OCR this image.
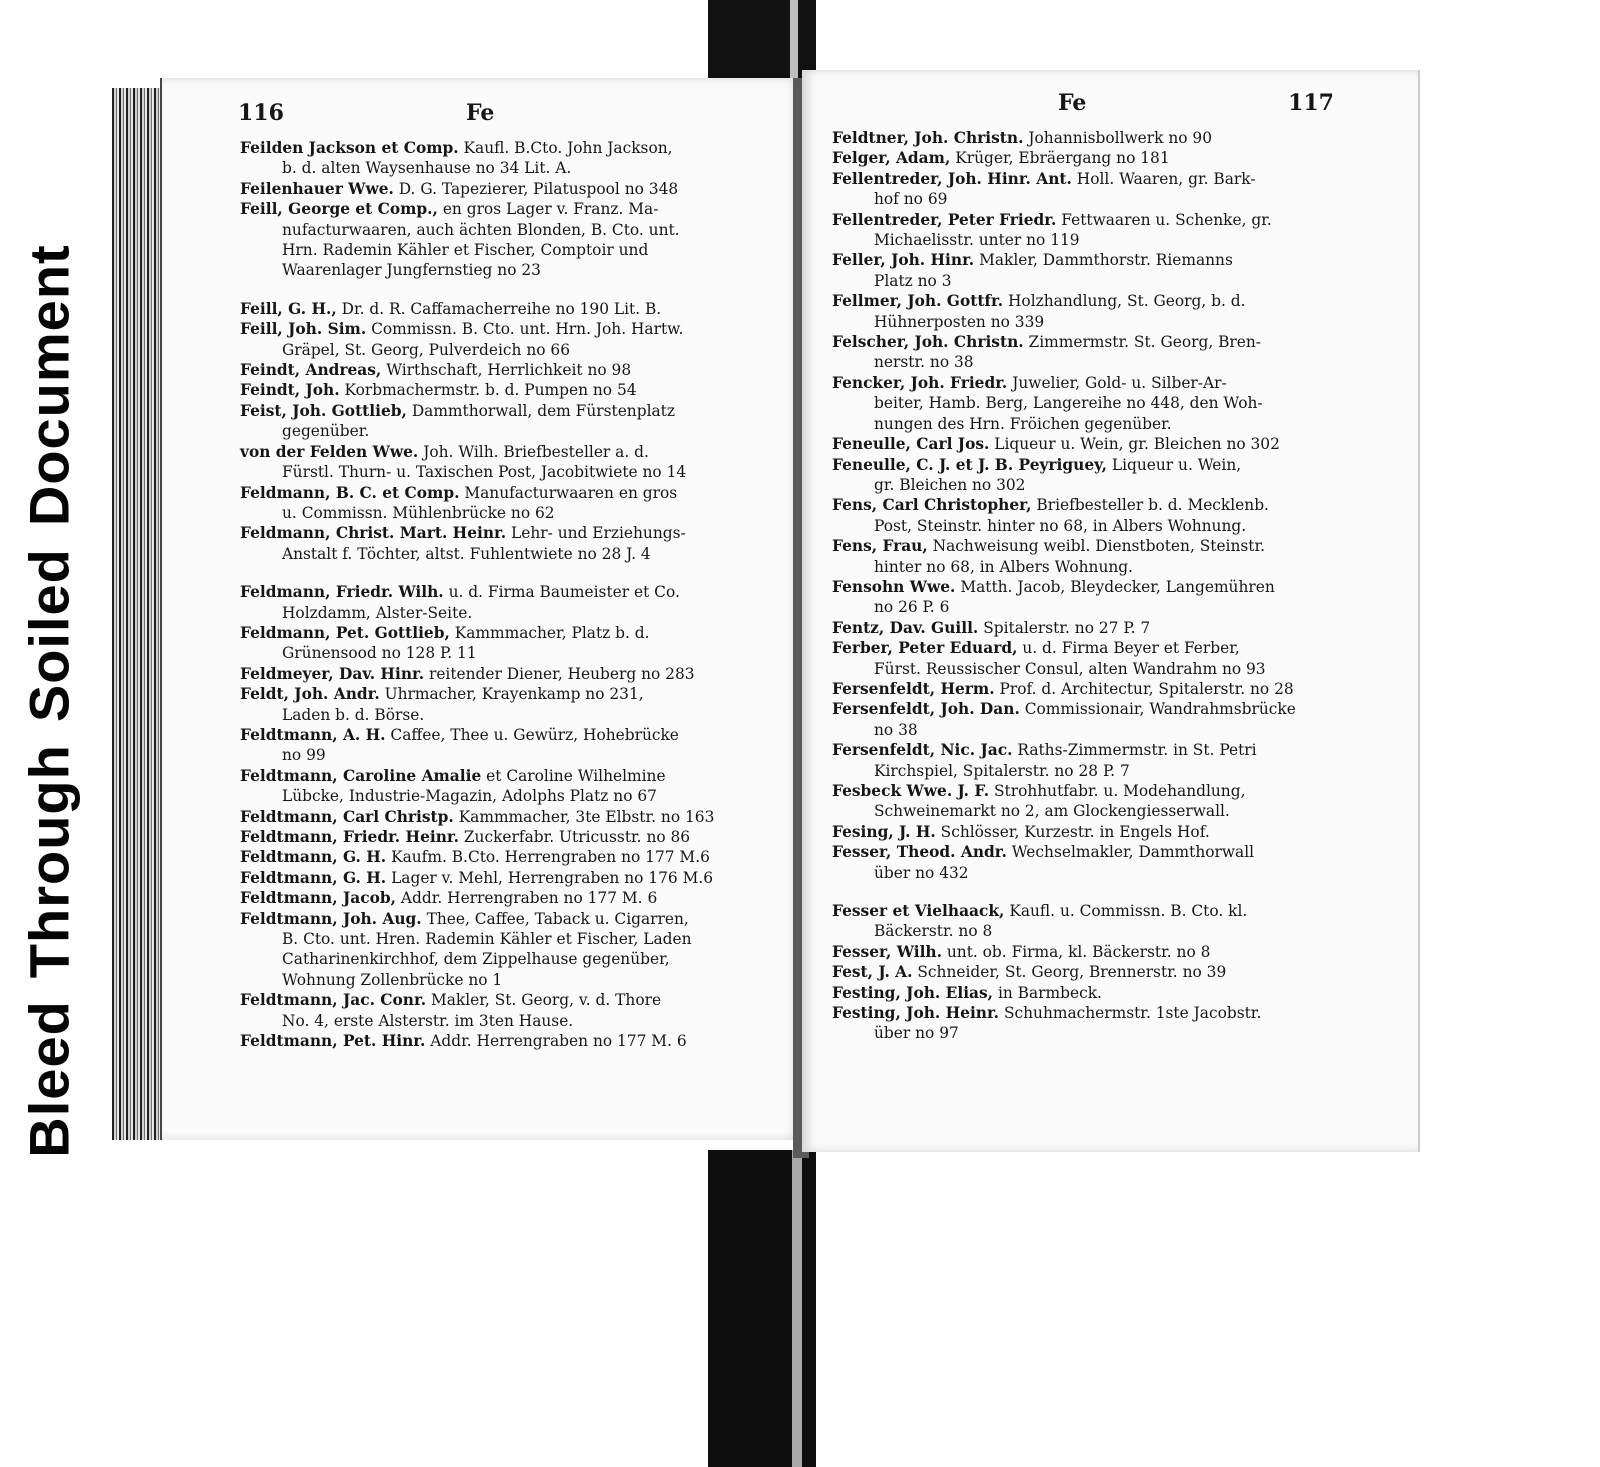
BleedThroughSoiledDocument
116	Fe

Feilden Jackson et Comp. Kaufl. B.Cto. John Jackson,
b. d. alten Waysenhause no 34 Lit. A.

Feilenhauer Wwe. D. G. Tapezierer, Pilatuspool no 348

Feill, George et Comp., en gros Lager v. Franz. Ma-
nufacturwaaren, auch ächten Blonden, B. Cto. unt.
Hrn. Rademin Kähler et Fischer, Comptoir und
Waarenlager Jungfernstieg no 23

Feill, G. H., Dr. d. R. Caffamacherreihe no 190 Lit. B.

Feill, Joh. Sim. Commissn. B. Cto. unt. Hrn. Joh. Hartw.
Gräpel, St. Georg, Pulverdeich no 66

Feindt, Andreas, Wirthschaft, Herrlichkeit no 98

Feindt, Joh. Korbmachermstr. b. d. Pumpen no 54

Feist, Joh. Gottlieb, Dammthorwall, dem Fürstenplatz
gegenüber.

von der Felden Wwe. Joh. Wilh. Briefbesteller a. d.
Fürstl. Thurn- u. Taxischen Post, Jacobitwiete no 14

Feldmann, B. C. et Comp. Manufacturwaaren en gros
u. Commissn. Mühlenbrücke no 62

Feldmann, Christ. Mart. Heinr. Lehr- und Erziehungs-
Anstalt f. Töchter, altst. Fuhlentwiete no 28 J. 4

Feldmann, Friedr. Wilh. u. d. Firma Baumeister et Co.
Holzdamm, Alster-Seite.

Feldmann, Pet. Gottlieb, Kammmacher, Platz b. d.
Grünensood no 128 P. 11

Feldmeyer, Dav. Hinr. reitender Diener, Heuberg no 283

Feldt, Joh. Andr. Uhrmacher, Krayenkamp no 231,
Laden b. d. Börse.

Feldtmann, A. H. Caffee, Thee u. Gewürz, Hohebrücke
no 99

Feldtmann, Caroline Amalie et Caroline Wilhelmine
Lübcke, Industrie-Magazin, Adolphs Platz no 67

Feldtmann, Carl Christp. Kammmacher, 3te Elbstr. no 163

Feldtmann, Friedr. Heinr. Zuckerfabr. Utricusstr. no 86

Feldtmann, G. H. Kaufm. B.Cto. Herrengraben no 177 M.6

Feldtmann, G. H. Lager v. Mehl, Herrengraben no 176 M.6

Feldtmann, Jacob, Addr. Herrengraben no 177 M. 6

Feldtmann, Joh. Aug. Thee, Caffee, Taback u. Cigarren,
B. Cto. unt. Hren. Rademin Kähler et Fischer, Laden
Catharinenkirchhof, dem Zippelhause gegenüber,
Wohnung Zollenbrücke no 1

Feldtmann, Jac. Conr. Makler, St. Georg, v. d. Thore
No. 4, erste Alsterstr. im 3ten Hause.

Feldtmann, Pet. Hinr. Addr. Herrengraben no 177 M. 6

Fe	117

Feldtner, Joh. Christn. Johannisbollwerk no 90

Felger, Adam, Krüger, Ebräergang no 181

Fellentreder, Joh. Hinr. Ant. Holl. Waaren, gr. Bark-
hof no 69

Fellentreder, Peter Friedr. Fettwaaren u. Schenke, gr.
Michaelisstr. unter no 119

Feller, Joh. Hinr. Makler, Dammthorstr. Riemanns
Platz no 3

Fellmer, Joh. Gottfr. Holzhandlung, St. Georg, b. d.
Hühnerposten no 339

Felscher, Joh. Christn. Zimmermstr. St. Georg, Bren-
nerstr. no 38

Fencker, Joh. Friedr. Juwelier, Gold- u. Silber-Ar-
beiter, Hamb. Berg, Langereihe no 448, den Woh-
nungen des Hrn. Fröichen gegenüber.

Feneulle, Carl Jos. Liqueur u. Wein, gr. Bleichen no 302

Feneulle, C. J. et J. B. Peyriguey, Liqueur u. Wein,
gr. Bleichen no 302

Fens, Carl Christopher, Briefbesteller b. d. Mecklenb.
Post, Steinstr. hinter no 68, in Albers Wohnung.

Fens, Frau, Nachweisung weibl. Dienstboten, Steinstr.
hinter no 68, in Albers Wohnung.

Fensohn Wwe. Matth. Jacob, Bleydecker, Langemühren
no 26 P. 6

Fentz, Dav. Guill. Spitalerstr. no 27 P. 7

Ferber, Peter Eduard, u. d. Firma Beyer et Ferber,
Fürst. Reussischer Consul, alten Wandrahm no 93

Fersenfeldt, Herm. Prof. d. Architectur, Spitalerstr. no 28

Fersenfeldt, Joh. Dan. Commissionair, Wandrahmsbrücke
no 38

Fersenfeldt, Nic. Jac. Raths-Zimmermstr. in St. Petri
Kirchspiel, Spitalerstr. no 28 P. 7

Fesbeck Wwe. J. F. Strohhutfabr. u. Modehandlung,
Schweinemarkt no 2, am Glockengiesserwall.

Fesing, J. H. Schlösser, Kurzestr. in Engels Hof.

Fesser, Theod. Andr. Wechselmakler, Dammthorwall
über no 432

Fesser et Vielhaack, Kaufl. u. Commissn. B. Cto. kl.
Bäckerstr. no 8

Fesser, Wilh. unt. ob. Firma, kl. Bäckerstr. no 8

Fest, J. A. Schneider, St. Georg, Brennerstr. no 39

Festing, Joh. Elias, in Barmbeck.

Festing, Joh. Heinr. Schuhmachermstr. 1ste Jacobstr.
über no 97
